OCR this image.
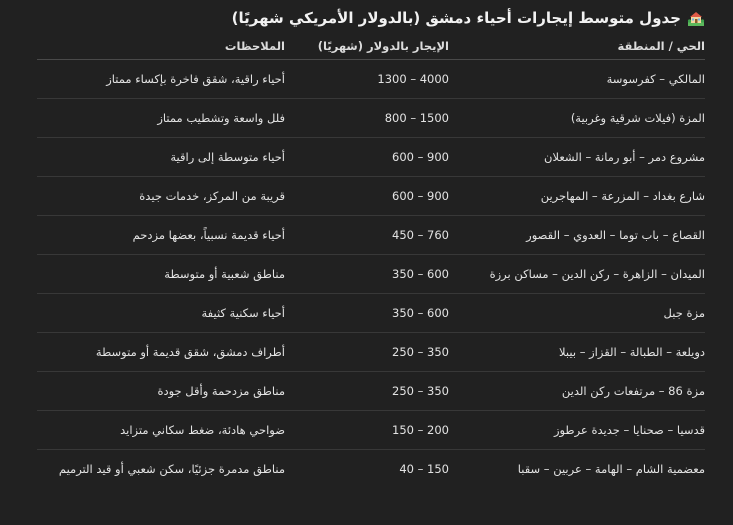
جدول متوسط إيجارات أحياء دمشق (بالدولار الأمريكي شهريًا)
الحي / المنطقة	الإيجار بالدولار (شهريًا)	الملاحظات
المالكي – كفرسوسة	1300 – 4000	أحياء راقية، شقق فاخرة بإكساء ممتاز
المزة (فيلات شرقية وغربية)	800 – 1500	فلل واسعة وتشطيب ممتاز
مشروع دمر – أبو رمانة – الشعلان	600 – 900	أحياء متوسطة إلى راقية
شارع بغداد – المزرعة – المهاجرين	600 – 900	قريبة من المركز، خدمات جيدة
القصاع – باب توما – العدوي – القصور	450 – 760	أحياء قديمة نسبياً، بعضها مزدحم
الميدان – الزاهرة – ركن الدين – مساكن برزة	350 – 600	مناطق شعبية أو متوسطة
مزة جبل	350 – 600	أحياء سكنية كثيفة
دويلعة – الطبالة – القزاز – بيبلا	250 – 350	أطراف دمشق، شقق قديمة أو متوسطة
مزة 86 – مرتفعات ركن الدين	250 – 350	مناطق مزدحمة وأقل جودة
قدسيا – صحنايا – جديدة عرطوز	150 – 200	ضواحي هادئة، ضغط سكاني متزايد
معضمية الشام – الهامة – عربين – سقبا	40 – 150	مناطق مدمرة جزئيًا، سكن شعبي أو قيد الترميم
